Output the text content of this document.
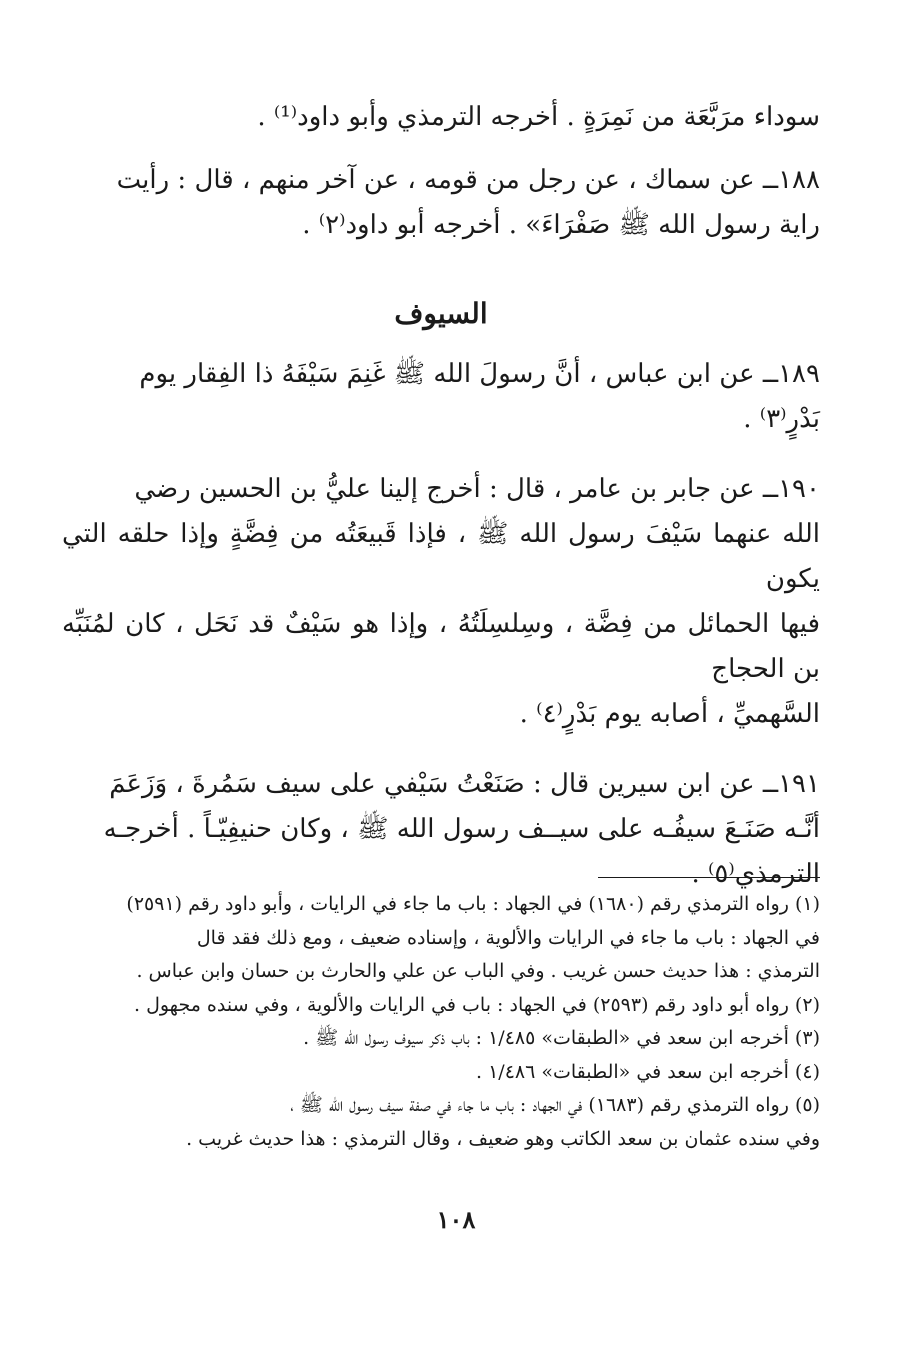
سوداء مرَبَّعَة من نَمِرَةٍ . أخرجه الترمذي وأبو داود⁽¹⁾ .

١٨٨ــ عن سماك ، عن رجل من قومه ، عن آخر منهم ، قال : رأيت

راية رسول الله ﷺ صَفْرَاءَ» . أخرجه أبو داود⁽٢⁾ .

السيوف

١٨٩ــ عن ابن عباس ، أنَّ رسولَ الله ﷺ غَنِمَ سَيْفَهُ ذا الفِقار يوم

بَدْرٍ⁽٣⁾ .

١٩٠ــ عن جابر بن عامر ، قال : أخرج إلينا عليُّ بن الحسين رضي

الله عنهما سَيْفَ رسول الله ﷺ ، فإذا قَبيعَتُه من فِضَّةٍ وإذا حلقه التي يكون

فيها الحمائل من فِضَّة ، وسِلسِلَتُهُ ، وإذا هو سَيْفٌ قد نَحَل ، كان لمُنَبِّه بن الحجاج

السَّهميِّ ، أصابه يوم بَدْرٍ⁽٤⁾ .

١٩١ــ عن ابن سيرين قال : صَنَعْتُ سَيْفي على سيف سَمُرةَ ، وَزَعَمَ

أنَّـه صَنَـعَ سيفُـه على سيــف رسول الله ﷺ ، وكان حنيفِيّـاً . أخرجـه

الترمذي⁽٥⁾ .

(١) رواه الترمذي رقم (١٦٨٠) في الجهاد : باب ما جاء في الرايات ، وأبو داود رقم (٢٥٩١)

في الجهاد : باب ما جاء في الرايات والألوية ، وإسناده ضعيف ، ومع ذلك فقد قال

الترمذي : هذا حديث حسن غريب . وفي الباب عن علي والحارث بن حسان وابن عباس .

(٢) رواه أبو داود رقم (٢٥٩٣) في الجهاد : باب في الرايات والألوية ، وفي سنده مجهول .

(٣) أخرجه ابن سعد في «الطبقات» ١/٤٨٥ : باب ذكر سيوف رسول الله ﷺ .

(٤) أخرجه ابن سعد في «الطبقات» ١/٤٨٦ .

(٥) رواه الترمذي رقم (١٦٨٣) في الجهاد : باب ما جاء في صفة سيف رسول الله ﷺ ،

وفي سنده عثمان بن سعد الكاتب وهو ضعيف ، وقال الترمذي : هذا حديث غريب .

١٠٨
